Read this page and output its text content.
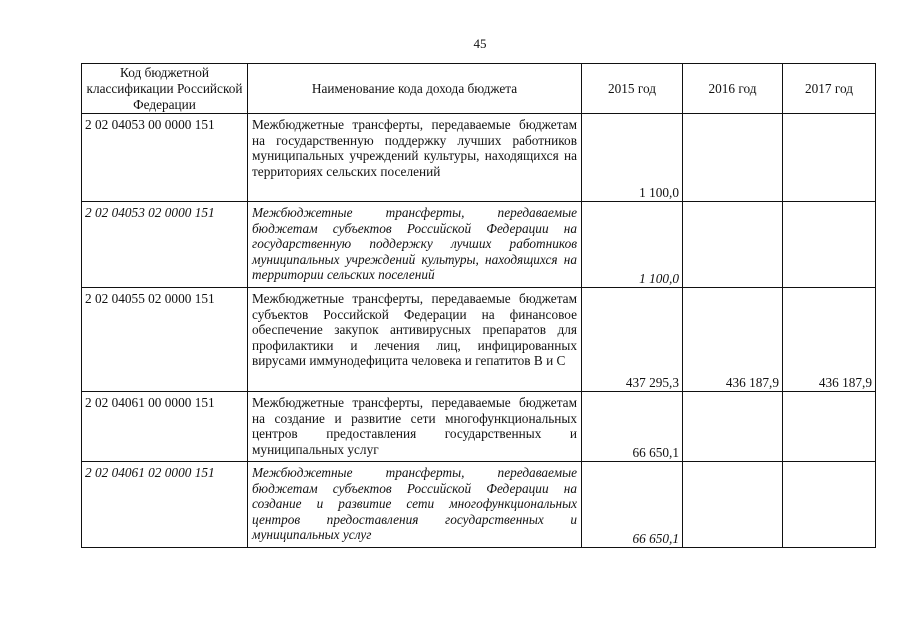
45
Код бюджетной классификации Российской Федерации	Наименование кода дохода бюджета	2015 год	2016 год	2017 год
2 02 04053 00 0000 151	Межбюджетные трансферты, передаваемые бюджетам на государственную поддержку лучших работников муниципальных учреждений культуры, находящихся на территориях сельских поселений	1 100,0		
2 02 04053 02 0000 151	Межбюджетные трансферты, передаваемые бюджетам субъектов Российской Федерации на государственную поддержку лучших работников муниципальных учреждений культуры, находящихся на территории сельских поселений	1 100,0		
2 02 04055 02 0000 151	Межбюджетные трансферты, передаваемые бюджетам субъектов Российской Федерации на финансовое обеспечение закупок антивирусных препаратов для профилактики и лечения лиц, инфицированных вирусами иммунодефицита человека и гепатитов В и С	437 295,3	436 187,9	436 187,9
2 02 04061 00 0000 151	Межбюджетные трансферты, передаваемые бюджетам на создание и развитие сети многофункциональных центров предоставления государственных и муниципальных услуг	66 650,1		
2 02 04061 02 0000 151	Межбюджетные трансферты, передаваемые бюджетам субъектов Российской Федерации на создание и развитие сети многофункциональных центров предоставления государственных и муниципальных услуг	66 650,1		
